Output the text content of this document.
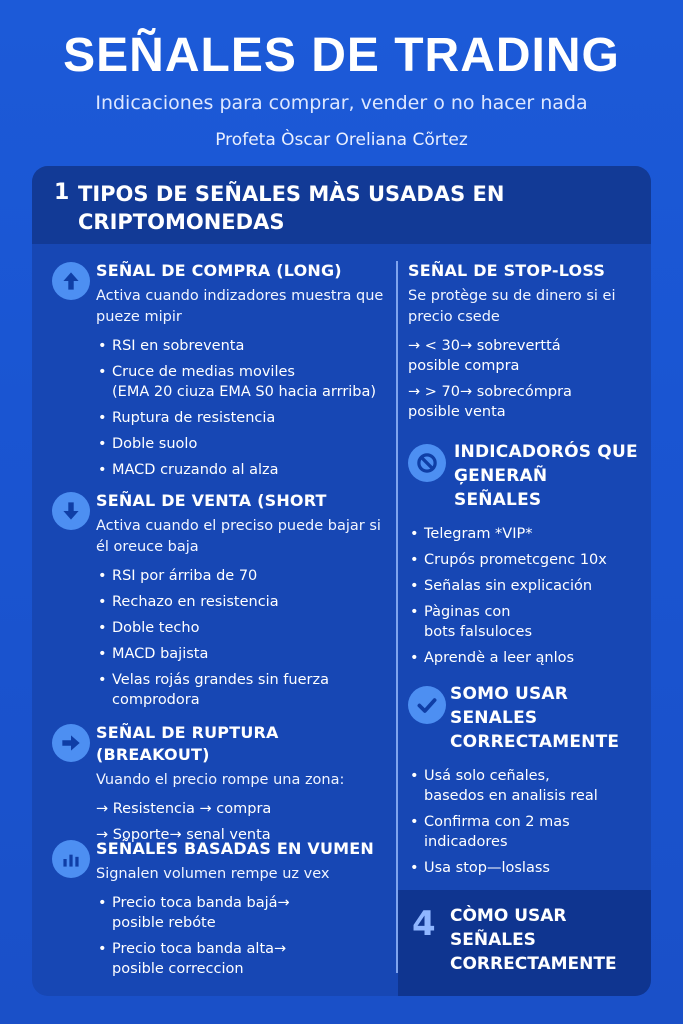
SEÑALES DE TRADING
Indicaciones para comprar, vender o no hacer nada
Profeta Òscar Oreliana Cõrtez
1 TIPOS DE SEÑALES MÀS USADAS EN CRIPTOMONEDAS
SEÑAL DE COMPRA (LONG)
Activa cuando indizadores muestra que pueze mipir
• RSI en sobreventa
• Cruce de medias moviles
(EMA 20 ciuza EMA S0 hacia arrriba)
• Ruptura de resistencia
• Doble suolo
• MACD cruzando al alza
SEÑAL DE VENTA (SHORT
Activa cuando el preciso puede bajar si él oreuce baja
• RSI por árriba de 70
• Rechazo en resistencia
• Doble techo
• MACD bajista
• Velas rojás grandes sin fuerza
comprodora
SEÑAL DE RUPTURA (BREAKOUT)
Vuando el precio rompe una zona:
→ Resistencia → compra
→ Soporte→ senal venta
SEÑALES BASADAS EN VUMEN
Signalen volumen rempe uz vex
• Precio toca banda bajá→
posible rebóte
• Precio toca banda alta→
posible correccion
SEÑAL DE STOP-LOSS
Se protège su de dinero si ei precio csede
→ < 30→ sobreverttá
posible compra
→ > 70→ sobrecómpra
posible venta
INDICADORÓS QUE ĢENERAÑ SEÑALES
• Telegram *VIP*
• Crupós prometcgenc 10x
• Señalas sin explicación
• Pàginas con
bots falsuloces
• Aprendè a leer ąnlos
SOMO USAR SENALES CORRECTAMENTE
• Usá solo ceñales,
basedos en analisis real
• Confirma con 2 mas
indicadores
• Usa stop—loslass
4 CÒMO USAR SEÑALES CORRECTAMENTE
